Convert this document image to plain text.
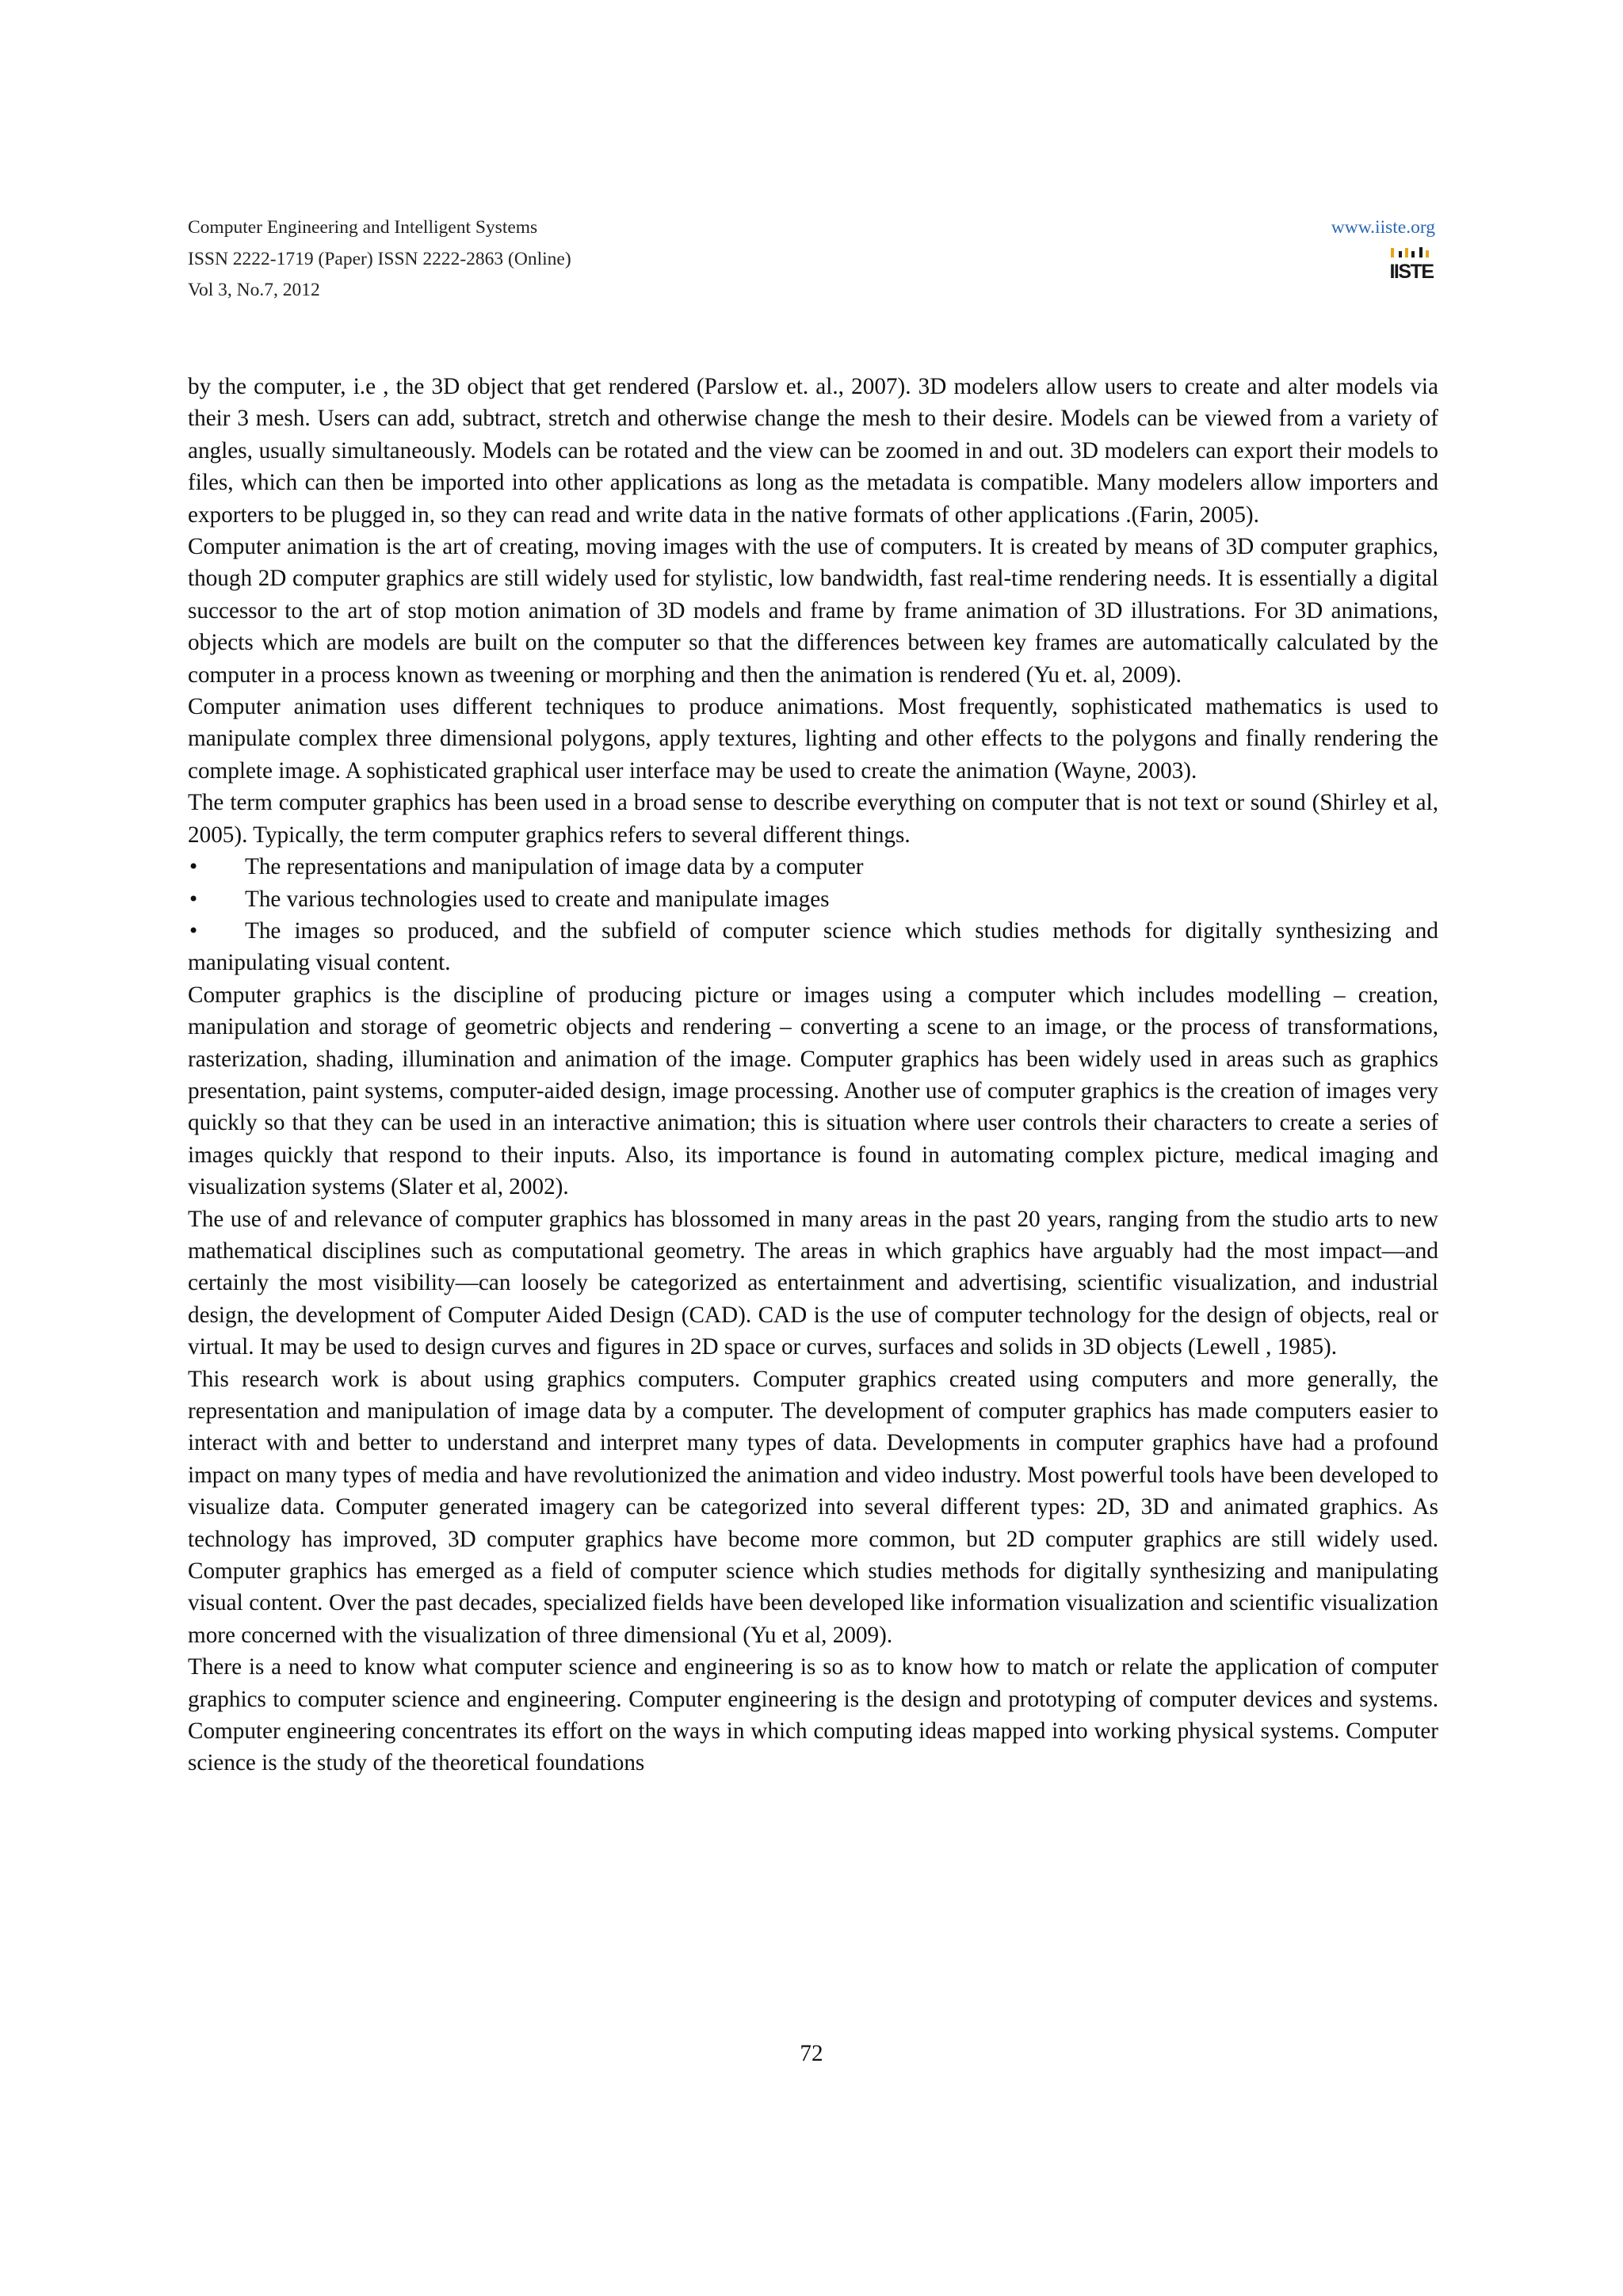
Computer Engineering and Intelligent Systems
ISSN 2222-1719 (Paper) ISSN 2222-2863 (Online)
Vol 3, No.7, 2012
www.iiste.org
IISTE

by the computer, i.e , the 3D object that get rendered (Parslow et. al., 2007). 3D modelers allow users to create and alter models via their 3 mesh. Users can add, subtract, stretch and otherwise change the mesh to their desire. Models can be viewed from a variety of angles, usually simultaneously. Models can be rotated and the view can be zoomed in and out. 3D modelers can export their models to files, which can then be imported into other applications as long as the metadata is compatible. Many modelers allow importers and exporters to be plugged in, so they can read and write data in the native formats of other applications .(Farin, 2005).

Computer animation is the art of creating, moving images with the use of computers. It is created by means of 3D computer graphics, though 2D computer graphics are still widely used for stylistic, low bandwidth, fast real-time rendering needs. It is essentially a digital successor to the art of stop motion animation of 3D models and frame by frame animation of 3D illustrations. For 3D animations, objects which are models are built on the computer so that the differences between key frames are automatically calculated by the computer in a process known as tweening or morphing and then the animation is rendered (Yu et. al, 2009).

Computer animation uses different techniques to produce animations. Most frequently, sophisticated mathematics is used to manipulate complex three dimensional polygons, apply textures, lighting and other effects to the polygons and finally rendering the complete image. A sophisticated graphical user interface may be used to create the animation (Wayne, 2003).

The term computer graphics has been used in a broad sense to describe everything on computer that is not text or sound (Shirley et al, 2005). Typically, the term computer graphics refers to several different things.

• The representations and manipulation of image data by a computer
• The various technologies used to create and manipulate images
• The images so produced, and the subfield of computer science which studies methods for digitally synthesizing and manipulating visual content.

Computer graphics is the discipline of producing picture or images using a computer which includes modelling – creation, manipulation and storage of geometric objects and rendering – converting a scene to an image, or the process of transformations, rasterization, shading, illumination and animation of the image. Computer graphics has been widely used in areas such as graphics presentation, paint systems, computer-aided design, image processing. Another use of computer graphics is the creation of images very quickly so that they can be used in an interactive animation; this is situation where user controls their characters to create a series of images quickly that respond to their inputs. Also, its importance is found in automating complex picture, medical imaging and visualization systems (Slater et al, 2002).

The use of and relevance of computer graphics has blossomed in many areas in the past 20 years, ranging from the studio arts to new mathematical disciplines such as computational geometry. The areas in which graphics have arguably had the most impact—and certainly the most visibility—can loosely be categorized as entertainment and advertising, scientific visualization, and industrial design, the development of Computer Aided Design (CAD). CAD is the use of computer technology for the design of objects, real or virtual. It may be used to design curves and figures in 2D space or curves, surfaces and solids in 3D objects (Lewell , 1985).

This research work is about using graphics computers. Computer graphics created using computers and more generally, the representation and manipulation of image data by a computer. The development of computer graphics has made computers easier to interact with and better to understand and interpret many types of data. Developments in computer graphics have had a profound impact on many types of media and have revolutionized the animation and video industry. Most powerful tools have been developed to visualize data. Computer generated imagery can be categorized into several different types: 2D, 3D and animated graphics. As technology has improved, 3D computer graphics have become more common, but 2D computer graphics are still widely used. Computer graphics has emerged as a field of computer science which studies methods for digitally synthesizing and manipulating visual content. Over the past decades, specialized fields have been developed like information visualization and scientific visualization more concerned with the visualization of three dimensional (Yu et al, 2009).

There is a need to know what computer science and engineering is so as to know how to match or relate the application of computer graphics to computer science and engineering. Computer engineering is the design and prototyping of computer devices and systems. Computer engineering concentrates its effort on the ways in which computing ideas mapped into working physical systems. Computer science is the study of the theoretical foundations

72
